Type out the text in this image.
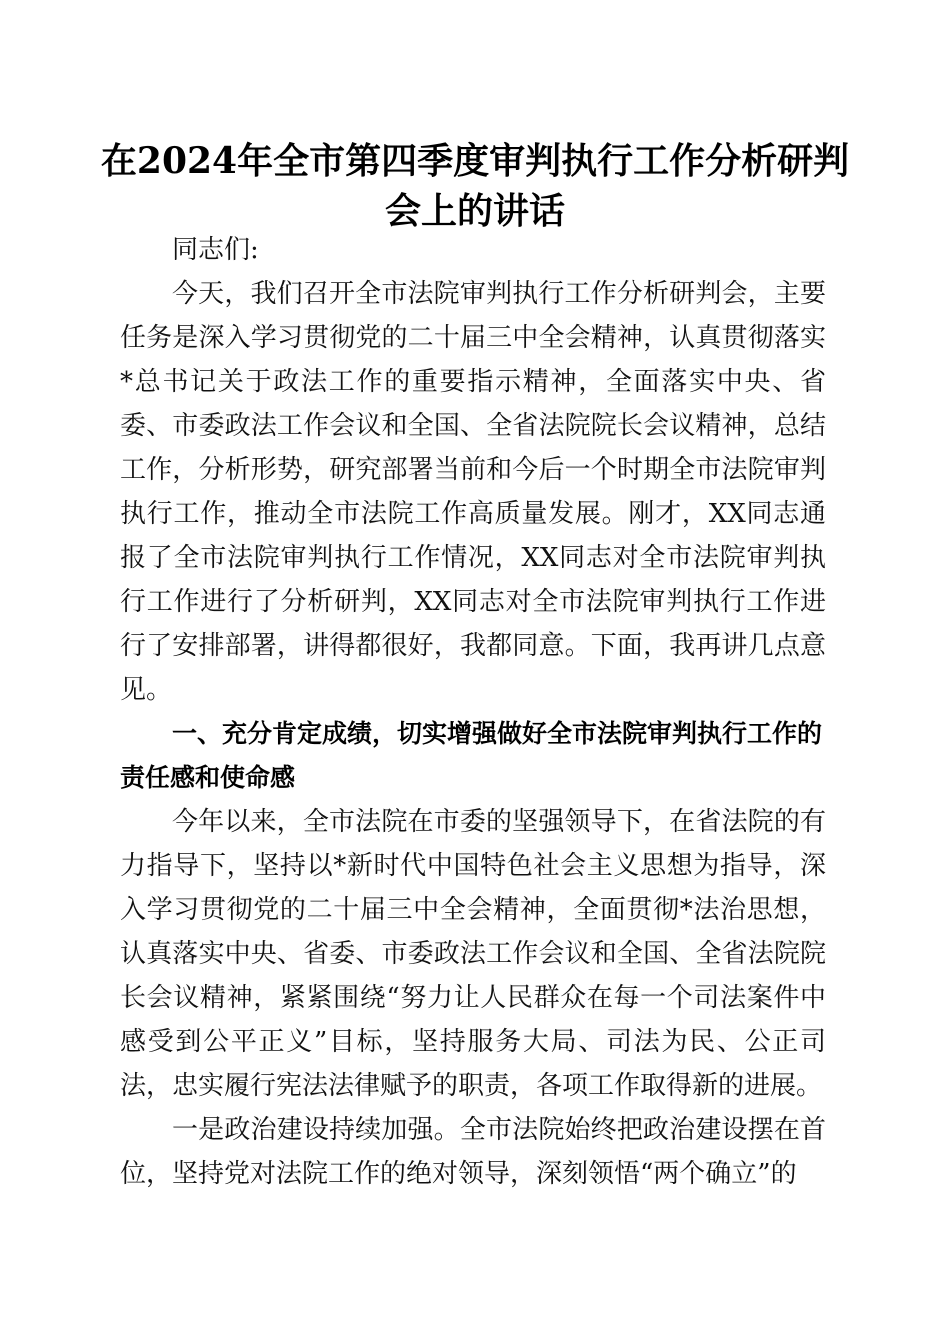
在2024年全市第四季度审判执行工作分析研判会上的讲话

同志们:

今天，我们召开全市法院审判执行工作分析研判会，主要任务是深入学习贯彻党的二十届三中全会精神，认真贯彻落实*总书记关于政法工作的重要指示精神，全面落实中央、省委、市委政法工作会议和全国、全省法院院长会议精神，总结工作，分析形势，研究部署当前和今后一个时期全市法院审判执行工作，推动全市法院工作高质量发展。刚才，XX同志通报了全市法院审判执行工作情况，XX同志对全市法院审判执行工作进行了分析研判，XX同志对全市法院审判执行工作进行了安排部署，讲得都很好，我都同意。下面，我再讲几点意见。

一、充分肯定成绩，切实增强做好全市法院审判执行工作的责任感和使命感

今年以来，全市法院在市委的坚强领导下，在省法院的有力指导下，坚持以*新时代中国特色社会主义思想为指导，深入学习贯彻党的二十届三中全会精神，全面贯彻*法治思想，认真落实中央、省委、市委政法工作会议和全国、全省法院院长会议精神，紧紧围绕“努力让人民群众在每一个司法案件中感受到公平正义”目标，坚持服务大局、司法为民、公正司法，忠实履行宪法法律赋予的职责，各项工作取得新的进展。

一是政治建设持续加强。全市法院始终把政治建设摆在首位，坚持党对法院工作的绝对领导，深刻领悟“两个确立”的
